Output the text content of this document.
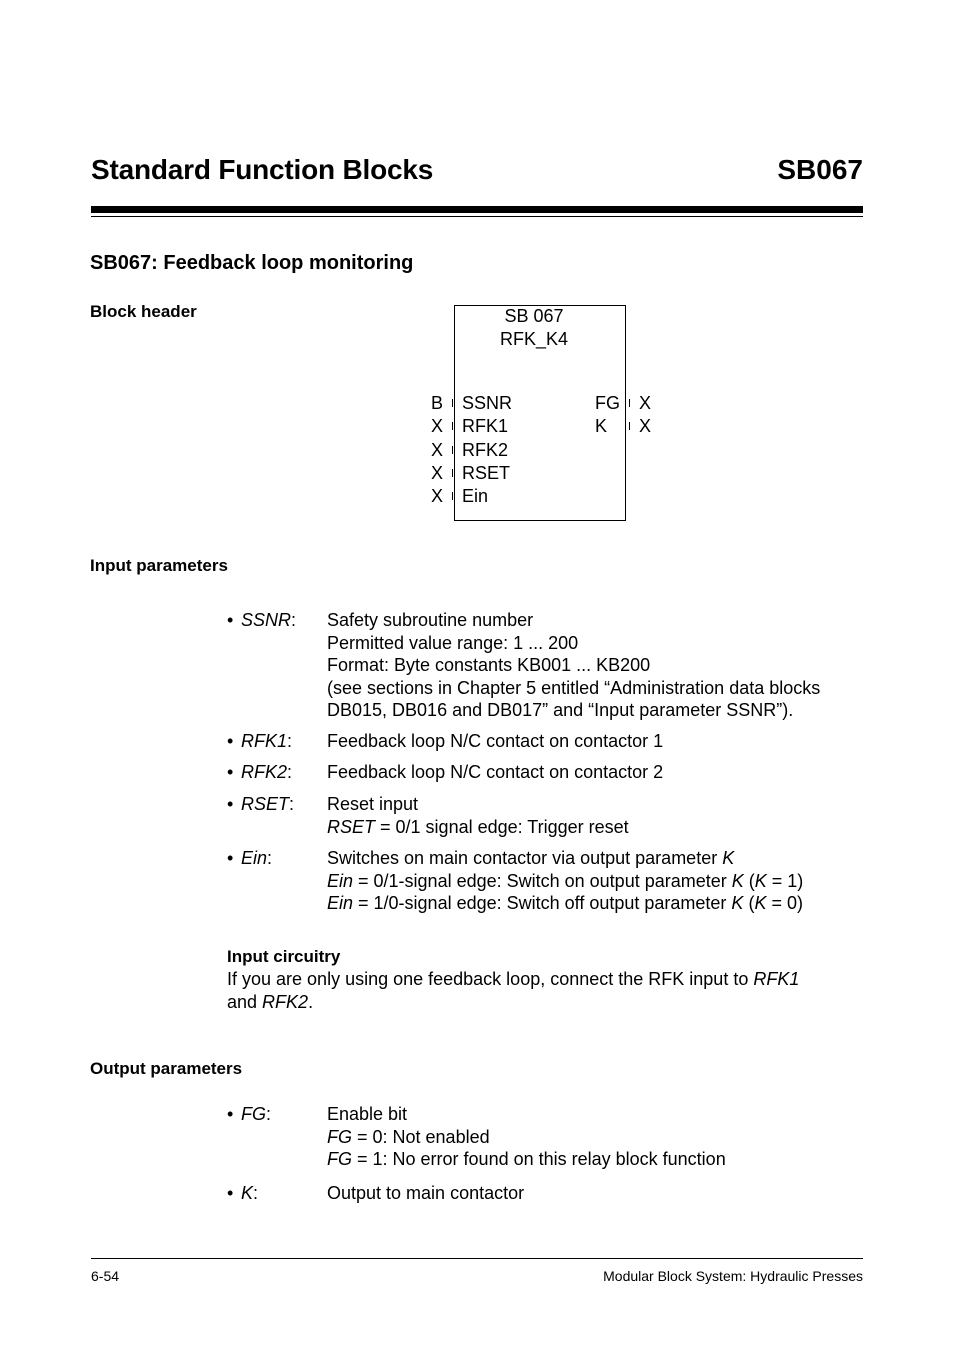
Standard Function Blocks	SB067
SB067: Feedback loop monitoring
Block header	SB 067
RFK_K4
B SSNR
X RFK1
X RFK2
X RSET
X Ein
FG X
K X
Input parameters
• SSNR: Safety subroutine number
Permitted value range: 1 ... 200
Format: Byte constants KB001 ... KB200
(see sections in Chapter 5 entitled “Administration data blocks
DB015, DB016 and DB017” and “Input parameter SSNR”).
• RFK1: Feedback loop N/C contact on contactor 1
• RFK2: Feedback loop N/C contact on contactor 2
• RSET: Reset input
RSET = 0/1 signal edge: Trigger reset
• Ein:	Switches on main contactor via output parameter K
Ein = 0/1-signal edge: Switch on output parameter K (K = 1)
Ein = 1/0-signal edge: Switch off output parameter K (K = 0)
Input circuitry
If you are only using one feedback loop, connect the RFK input to RFK1
and RFK2.
Output parameters
• FG:	Enable bit
FG = 0: Not enabled
FG = 1: No error found on this relay block function
• K:	Output to main contactor
6-54	Modular Block System: Hydraulic Presses
